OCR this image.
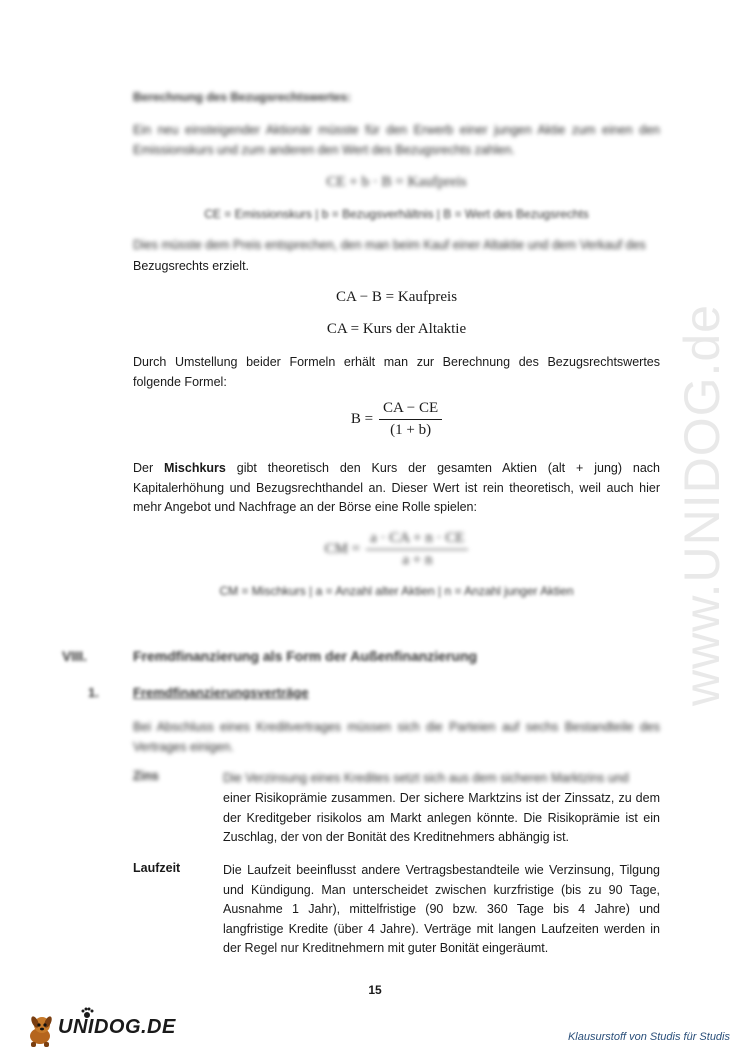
Berechnung des Bezugsrechtswertes:
Ein neu einsteigender Aktionär müsste für den Erwerb einer jungen Aktie zum einen den Emissionskurs und zum anderen den Wert des Bezugsrechts zahlen.
CE + b · B = Kaufpreis
CE = Emissionskurs | b = Bezugsverhältnis | B = Wert des Bezugsrechts
Dies müsste dem Preis entsprechen, den man beim Kauf einer Altaktie und dem Verkauf des
Bezugsrechts erzielt.
CA − B = Kaufpreis
CA = Kurs der Altaktie
Durch Umstellung beider Formeln erhält man zur Berechnung des Bezugsrechtswertes folgende Formel:
$B = \frac{CA - CE}{(1 + b)}$
Der Mischkurs gibt theoretisch den Kurs der gesamten Aktien (alt + jung) nach Kapitalerhöhung und Bezugsrechthandel an. Dieser Wert ist rein theoretisch, weil auch hier mehr Angebot und Nachfrage an der Börse eine Rolle spielen:
CM = $\frac{a \cdot CA + n \cdot CE}{a + n}$
CM = Mischkurs | a = Anzahl alter Aktien | n = Anzahl junger Aktien
VIII.	Fremdfinanzierung als Form der Außenfinanzierung
1.	Fremdfinanzierungsverträge
Bei Abschluss eines Kreditvertrages müssen sich die Parteien auf sechs Bestandteile des Vertrages einigen.
Zins	Die Verzinsung eines Kredites setzt sich aus dem sicheren Marktzins und
einer Risikoprämie zusammen. Der sichere Marktzins ist der Zinssatz, zu dem der Kreditgeber risikolos am Markt anlegen könnte. Die Risikoprämie ist ein Zuschlag, der von der Bonität des Kreditnehmers abhängig ist.
Laufzeit	Die Laufzeit beeinflusst andere Vertragsbestandteile wie Verzinsung, Tilgung und Kündigung. Man unterscheidet zwischen kurzfristige (bis zu 90 Tage, Ausnahme 1 Jahr), mittelfristige (90 bzw. 360 Tage bis 4 Jahre) und langfristige Kredite (über 4 Jahre). Verträge mit langen Laufzeiten werden in der Regel nur Kreditnehmern mit guter Bonität eingeräumt.
15
www.UNIDOG.de
UNIDOG.DE	Klausurstoff von Studis für Studis
